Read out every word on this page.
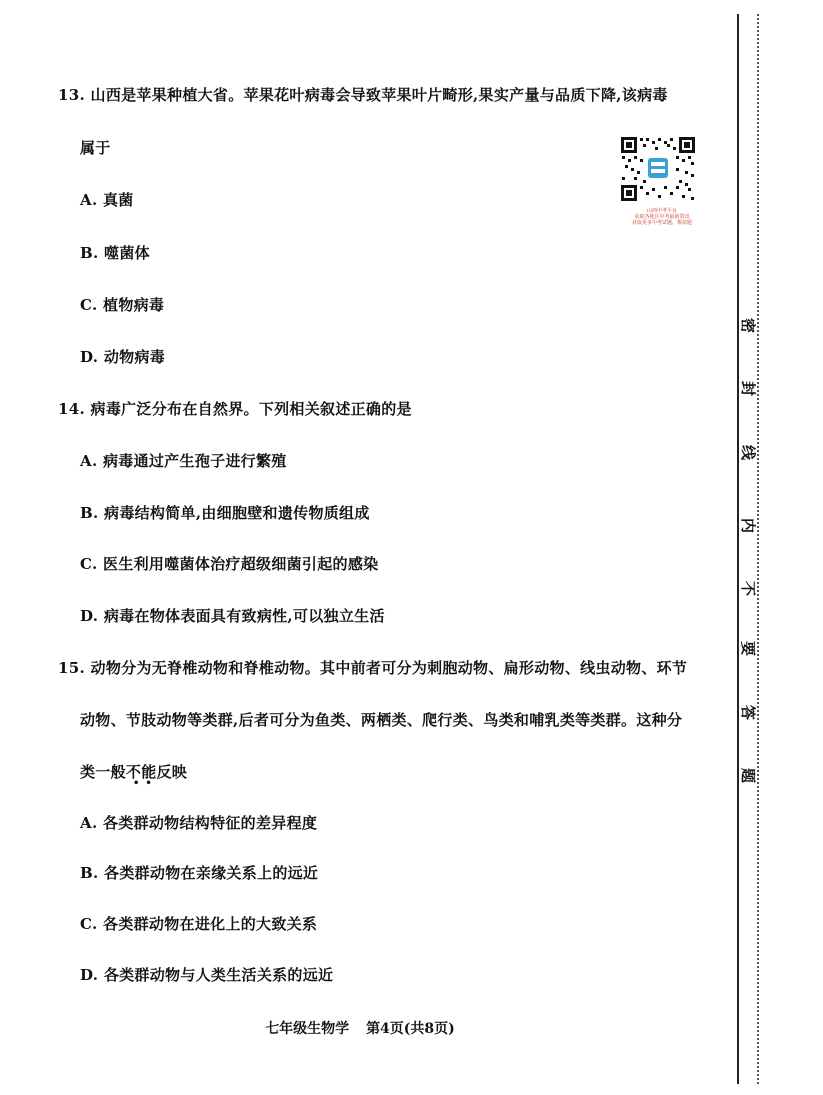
13. 山西是苹果种植大省。苹果花叶病毒会导致苹果叶片畸形,果实产量与品质下降,该病毒
属于
A. 真菌
B. 噬菌体
C. 植物病毒
D. 动物病毒
14. 病毒广泛分布在自然界。下列相关叙述正确的是
A. 病毒通过产生孢子进行繁殖
B. 病毒结构简单,由细胞壁和遗传物质组成
C. 医生利用噬菌体治疗超级细菌引起的感染
D. 病毒在物体表面具有致病性,可以独立生活
15. 动物分为无脊椎动物和脊椎动物。其中前者可分为刺胞动物、扁形动物、线虫动物、环节
动物、节肢动物等类群,后者可分为鱼类、两栖类、爬行类、鸟类和哺乳类等类群。这种分
类一般不能反映
••
A. 各类群动物结构特征的差异程度
B. 各类群动物在亲缘关系上的远近
C. 各类群动物在进化上的大致关系
D. 各类群动物与人类生活关系的远近
七年级生物学 第4页(共8页)
山西中考平台
获取各地区中考最新资讯
获取更多中考试题、模拟题
密
封
线
内
不
要
答
题
